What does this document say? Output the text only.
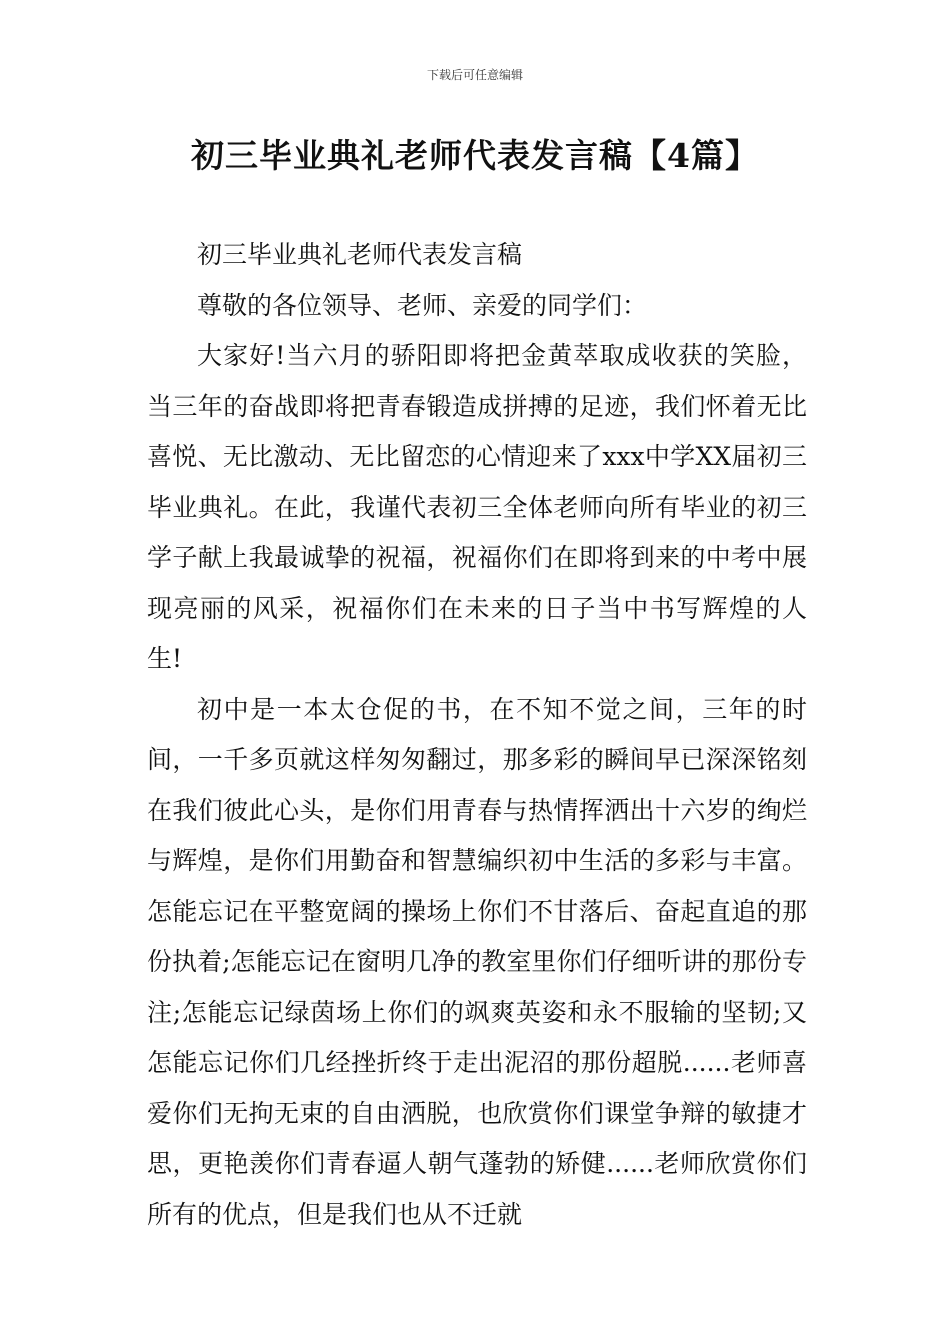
下载后可任意编辑
初三毕业典礼老师代表发言稿【4篇】

初三毕业典礼老师代表发言稿

尊敬的各位领导、老师、亲爱的同学们：

大家好!当六月的骄阳即将把金黄萃取成收获的笑脸，当三年的奋战即将把青春锻造成拼搏的足迹，我们怀着无比喜悦、无比激动、无比留恋的心情迎来了xxx中学XX届初三毕业典礼。在此，我谨代表初三全体老师向所有毕业的初三学子献上我最诚挚的祝福，祝福你们在即将到来的中考中展现亮丽的风采，祝福你们在未来的日子当中书写辉煌的人生!

初中是一本太仓促的书，在不知不觉之间，三年的时间，一千多页就这样匆匆翻过，那多彩的瞬间早已深深铭刻在我们彼此心头，是你们用青春与热情挥洒出十六岁的绚烂与辉煌，是你们用勤奋和智慧编织初中生活的多彩与丰富。怎能忘记在平整宽阔的操场上你们不甘落后、奋起直追的那份执着;怎能忘记在窗明几净的教室里你们仔细听讲的那份专注;怎能忘记绿茵场上你们的飒爽英姿和永不服输的坚韧;又怎能忘记你们几经挫折终于走出泥沼的那份超脱......老师喜爱你们无拘无束的自由洒脱，也欣赏你们课堂争辩的敏捷才思，更艳羡你们青春逼人朝气蓬勃的矫健......老师欣赏你们所有的优点，但是我们也从不迁就
